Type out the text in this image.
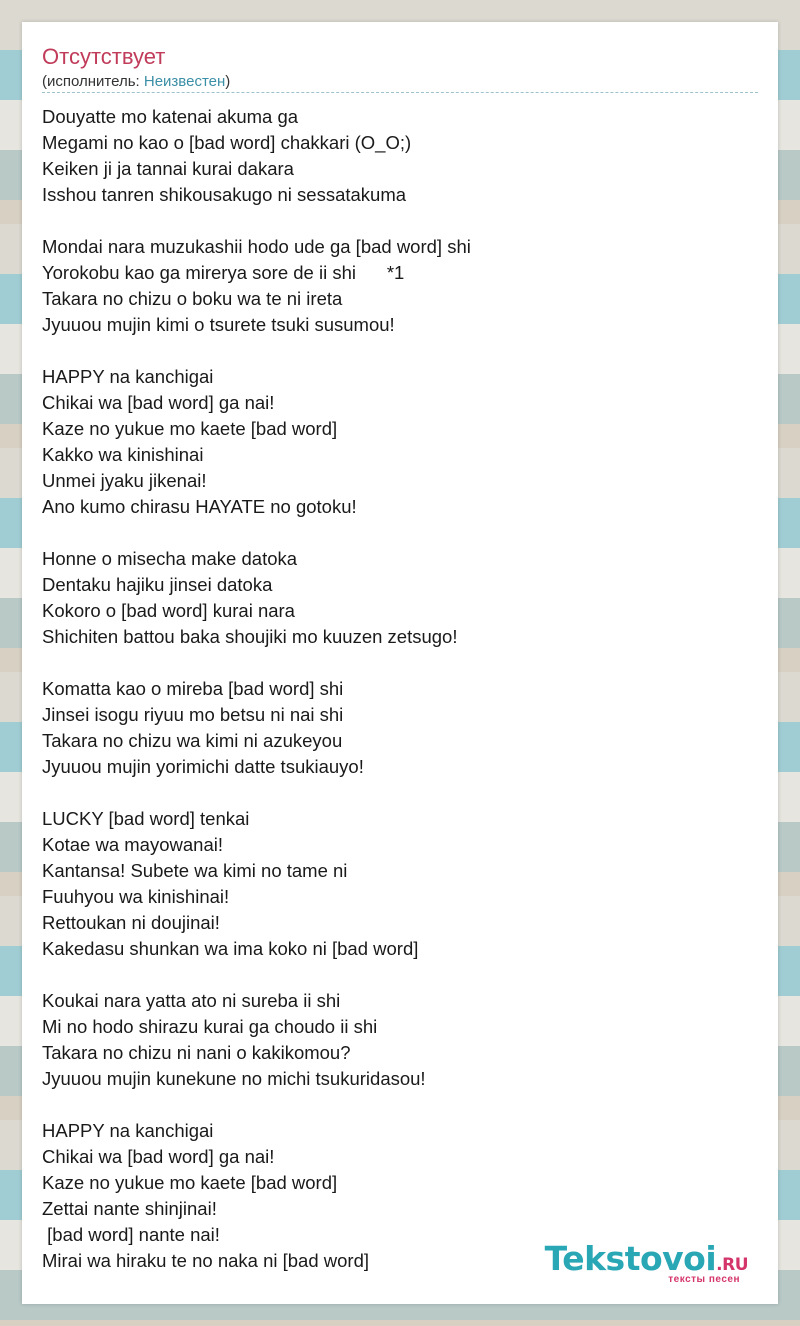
Отсутствует
(исполнитель: Неизвестен)
Douyatte mo katenai akuma ga
Megami no kao o [bad word] chakkari (O_O;)
Keiken ji ja tannai kurai dakara
Isshou tanren shikousakugo ni sessatakuma
Mondai nara muzukashii hodo ude ga [bad word] shi
Yorokobu kao ga mirerya sore de ii shi      *1
Takara no chizu o boku wa te ni ireta
Jyuuou mujin kimi o tsurete tsuki susumou!
HAPPY na kanchigai
Chikai wa [bad word] ga nai!
Kaze no yukue mo kaete [bad word]
Kakko wa kinishinai
Unmei jyaku jikenai!
Ano kumo chirasu HAYATE no gotoku!
Honne o misecha make datoka
Dentaku hajiku jinsei datoka
Kokoro o [bad word] kurai nara
Shichiten battou baka shoujiki mo kuuzen zetsugo!
Komatta kao o mireba [bad word] shi
Jinsei isogu riyuu mo betsu ni nai shi
Takara no chizu wa kimi ni azukeyou
Jyuuou mujin yorimichi datte tsukiauyo!
LUCKY [bad word] tenkai
Kotae wa mayowanai!
Kantansa! Subete wa kimi no tame ni
Fuuhyou wa kinishinai!
Rettoukan ni doujinai!
Kakedasu shunkan wa ima koko ni [bad word]
Koukai nara yatta ato ni sureba ii shi
Mi no hodo shirazu kurai ga choudo ii shi
Takara no chizu ni nani o kakikomou?
Jyuuou mujin kunekune no michi tsukuridasou!
HAPPY na kanchigai
Chikai wa [bad word] ga nai!
Kaze no yukue mo kaete [bad word]
Zettai nante shinjinai!
[bad word] nante nai!
Mirai wa hiraku te no naka ni [bad word]	Tekstovoi.RU
тексты песен
